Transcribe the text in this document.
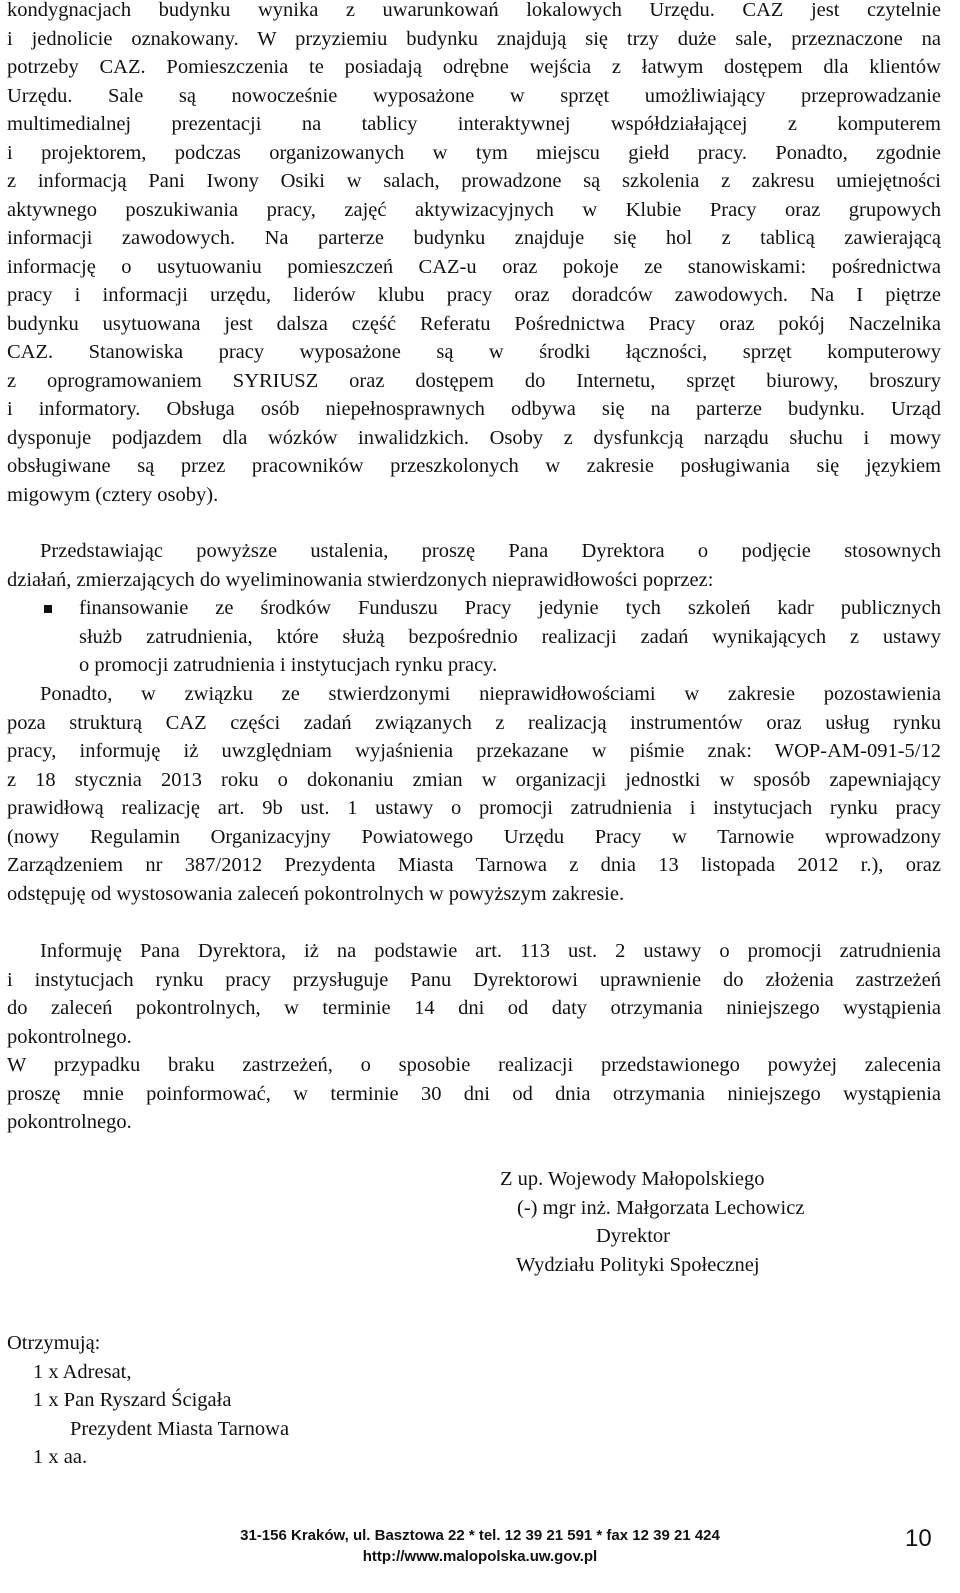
kondygnacjach budynku wynika z uwarunkowań lokalowych Urzędu. CAZ jest czytelnie
i jednolicie oznakowany. W przyziemiu budynku znajdują się trzy duże sale, przeznaczone na
potrzeby CAZ. Pomieszczenia te posiadają odrębne wejścia z łatwym dostępem dla klientów
Urzędu. Sale są nowocześnie wyposażone w sprzęt umożliwiający przeprowadzanie
multimedialnej prezentacji na tablicy interaktywnej współdziałającej z komputerem
i projektorem, podczas organizowanych w tym miejscu giełd pracy. Ponadto, zgodnie
z informacją Pani Iwony Osiki w salach, prowadzone są szkolenia z zakresu umiejętności
aktywnego poszukiwania pracy, zajęć aktywizacyjnych w Klubie Pracy oraz grupowych
informacji zawodowych. Na parterze budynku znajduje się hol z tablicą zawierającą
informację o usytuowaniu pomieszczeń CAZ-u oraz pokoje ze stanowiskami: pośrednictwa
pracy i informacji urzędu, liderów klubu pracy oraz doradców zawodowych. Na I piętrze
budynku usytuowana jest dalsza część Referatu Pośrednictwa Pracy oraz pokój Naczelnika
CAZ. Stanowiska pracy wyposażone są w środki łączności, sprzęt komputerowy
z oprogramowaniem SYRIUSZ oraz dostępem do Internetu, sprzęt biurowy, broszury
i informatory. Obsługa osób niepełnosprawnych odbywa się na parterze budynku. Urząd
dysponuje podjazdem dla wózków inwalidzkich. Osoby z dysfunkcją narządu słuchu i mowy
obsługiwane są przez pracowników przeszkolonych w zakresie posługiwania się językiem
migowym (cztery osoby).
Przedstawiając powyższe ustalenia, proszę Pana Dyrektora o podjęcie stosownych
działań, zmierzających do wyeliminowania stwierdzonych nieprawidłowości poprzez:
finansowanie ze środków Funduszu Pracy jedynie tych szkoleń kadr publicznych
służb zatrudnienia, które służą bezpośrednio realizacji zadań wynikających z ustawy
o promocji zatrudnienia i instytucjach rynku pracy.
Ponadto, w związku ze stwierdzonymi nieprawidłowościami w zakresie pozostawienia
poza strukturą CAZ części zadań związanych z realizacją instrumentów oraz usług rynku
pracy, informuję iż uwzględniam wyjaśnienia przekazane w piśmie znak: WOP-AM-091-5/12
z 18 stycznia 2013 roku o dokonaniu zmian w organizacji jednostki w sposób zapewniający
prawidłową realizację art. 9b ust. 1 ustawy o promocji zatrudnienia i instytucjach rynku pracy
(nowy Regulamin Organizacyjny Powiatowego Urzędu Pracy w Tarnowie wprowadzony
Zarządzeniem nr 387/2012 Prezydenta Miasta Tarnowa z dnia 13 listopada 2012 r.), oraz
odstępuję od wystosowania zaleceń pokontrolnych w powyższym zakresie.
Informuję Pana Dyrektora, iż na podstawie art. 113 ust. 2 ustawy o promocji zatrudnienia
i instytucjach rynku pracy przysługuje Panu Dyrektorowi uprawnienie do złożenia zastrzeżeń
do zaleceń pokontrolnych, w terminie 14 dni od daty otrzymania niniejszego wystąpienia
pokontrolnego.
W przypadku braku zastrzeżeń, o sposobie realizacji przedstawionego powyżej zalecenia
proszę mnie poinformować, w terminie 30 dni od dnia otrzymania niniejszego wystąpienia
pokontrolnego.
Z up. Wojewody Małopolskiego
(-) mgr inż. Małgorzata Lechowicz
Dyrektor
Wydziału Polityki Społecznej
Otrzymują:
1 x Adresat,
1 x Pan Ryszard Ścigała
Prezydent Miasta Tarnowa
1 x aa.
31-156 Kraków, ul. Basztowa 22 * tel. 12 39 21 591 * fax 12 39 21 424
http://www.malopolska.uw.gov.pl
10
